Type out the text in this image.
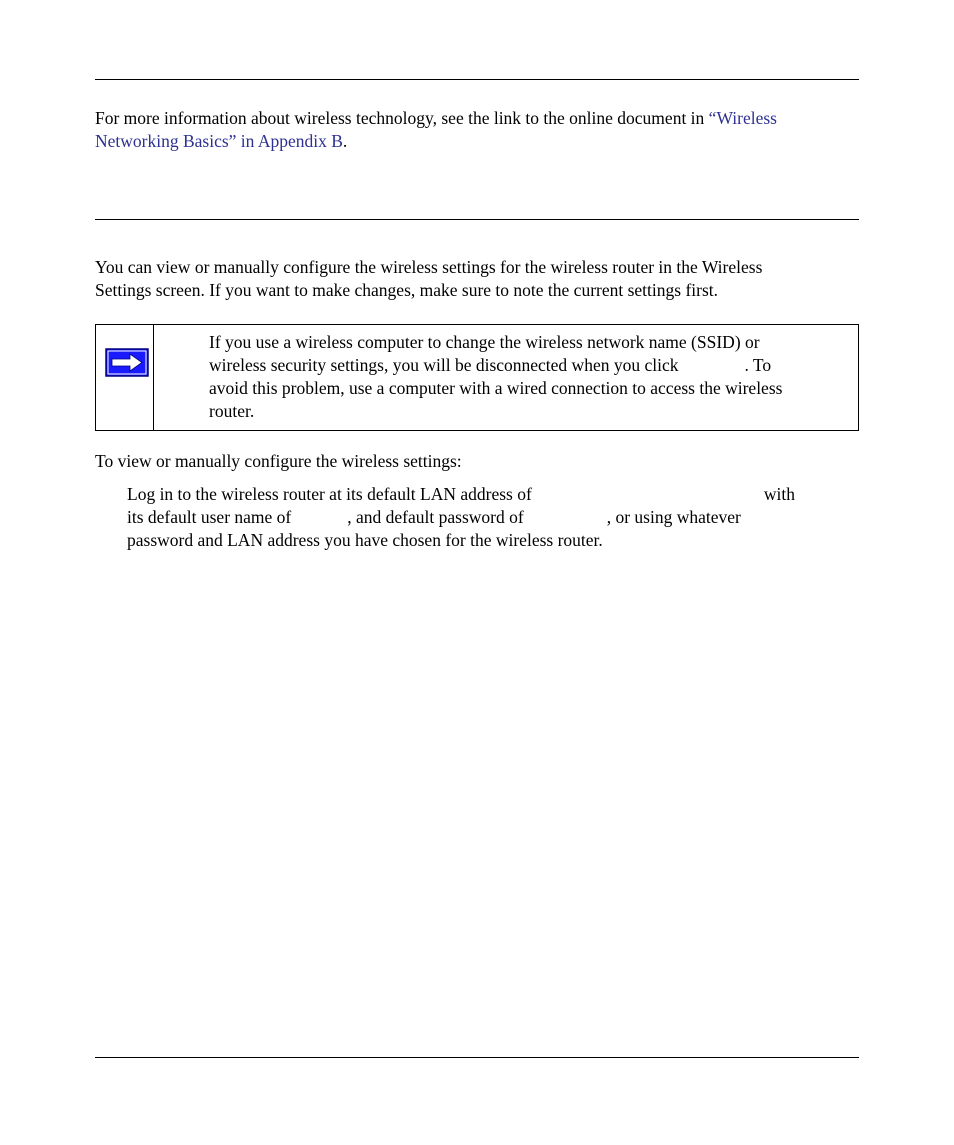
For more information about wireless technology, see the link to the online document in “Wireless
Networking Basics” in Appendix B.
You can view or manually configure the wireless settings for the wireless router in the Wireless
Settings screen. If you want to make changes, make sure to note the current settings first.
If you use a wireless computer to change the wireless network name (SSID) or
wireless security settings, you will be disconnected when you click	. To
avoid this problem, use a computer with a wired connection to access the wireless
router.
To view or manually configure the wireless settings:
Log in to the wireless router at its default LAN address of	with
its default user name of	, and default password of	, or using whatever
password and LAN address you have chosen for the wireless router.
